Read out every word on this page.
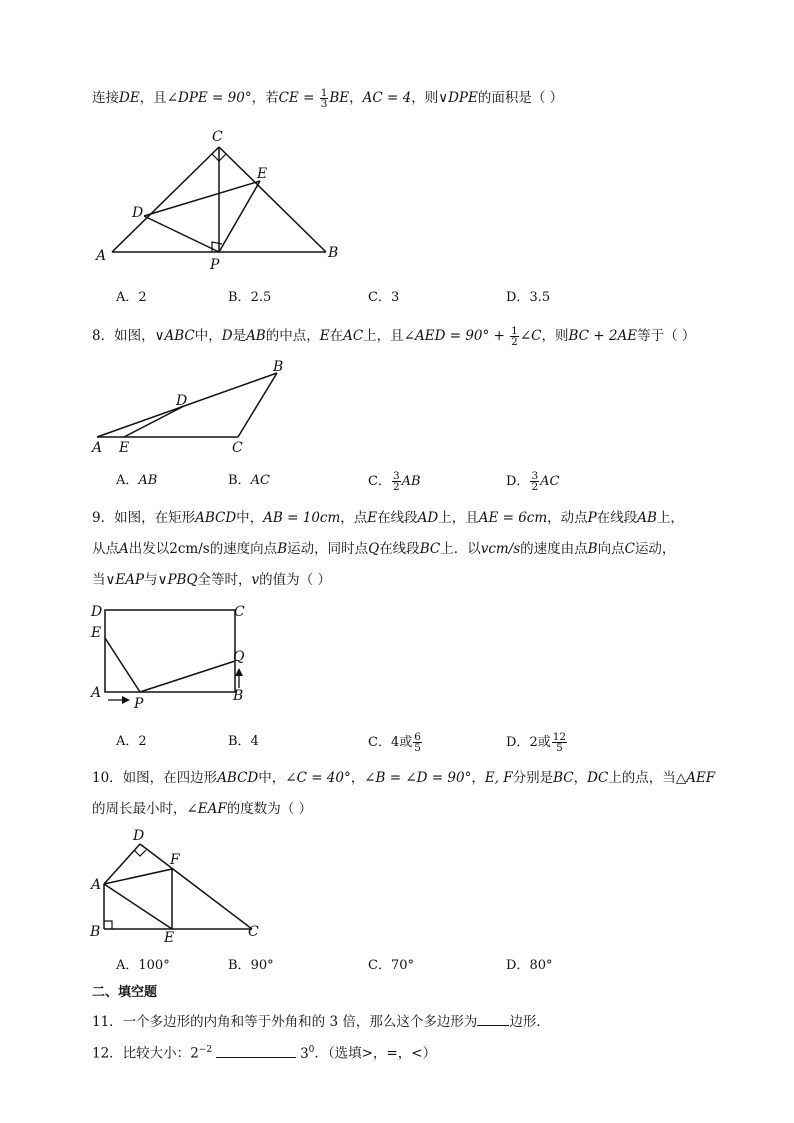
连接DE，且∠DPE = 90°，若CE = $\frac{1}{3}$ BE，AC = 4，则∨DPE的面积是（ ）
C
E
D
A
P
B
A．2	B．2.5	C．3	D．3.5
8．如图，∨ABC中，D是AB的中点，E在AC上，且∠AED = $90^\circ + \frac{1}{2}$ ∠C，则BC + 2AE等于（ ）
B
D
A E	C
A．AB	B．AC	C． $\frac{3}{2}$ AB	D． $\frac{3}{2}$ AC
9．如图，在矩形ABCD中，AB = 10cm，点E在线段AD上，且AE = 6cm，动点P在线段AB上，
从点A出发以2cm/s的速度向点B运动，同时点Q在线段BC上．以vcm/s的速度由点B向点C运动，
当∨EAP与∨PBQ全等时，v的值为（ ）
D
E
A
P
C
Q
B
A．2	B．4	C．4或 $\frac{6}{5}$	D．2或 $\frac{12}{5}$
10．如图，在四边形ABCD中，∠C = 40°，∠B = ∠D = 90°，E, F分别是BC，DC上的点，当△AEF
的周长最小时，∠EAF的度数为（ ）
D
F
A
B	E	C
A．100°	B．90°	C．70°	D．80°
二、填空题
11．一个多边形的内角和等于外角和的 3 倍，那么这个多边形为 边形．
12．比较大小：$2^{-2}$	$3^0$．（选填>，=，<）
